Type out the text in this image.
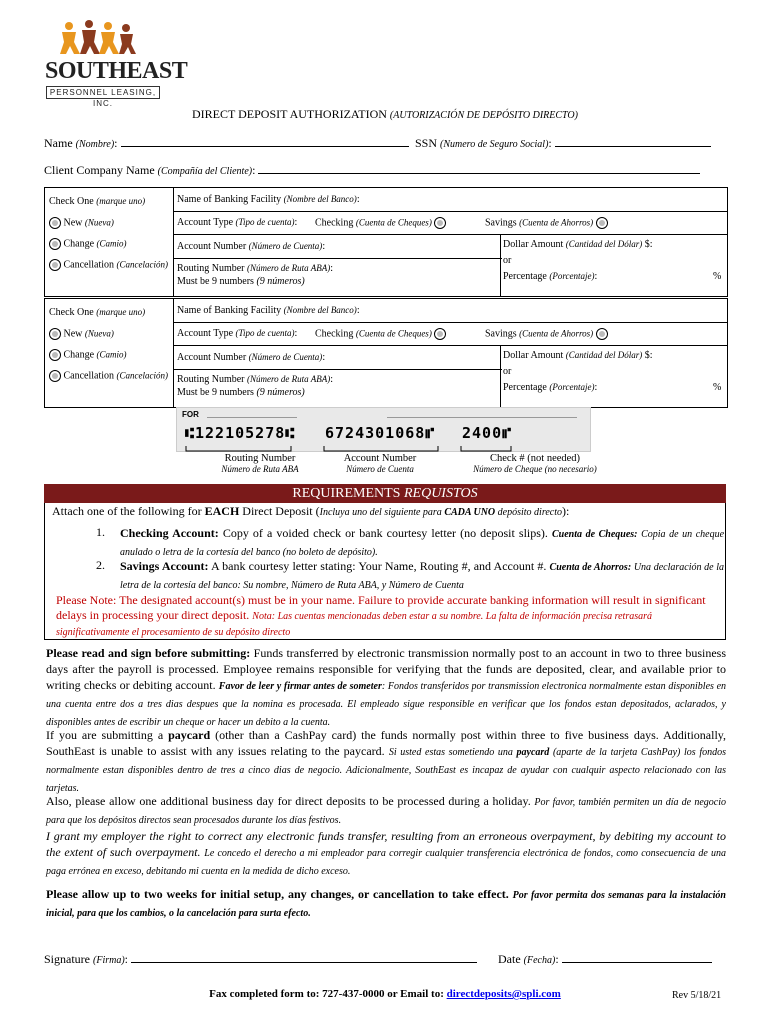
SOUTHEAST
PERSONNEL LEASING, INC.
DIRECT DEPOSIT AUTHORIZATION (AUTORIZACIÓN DE DEPÓSITO DIRECTO)
Name (Nombre):	SSN (Numero de Seguro Social):
Client Company Name (Compañía del Cliente):
Check One (marque uno)
New (Nueva)
Change (Camio)
Cancellation (Cancelación)
Name of Banking Facility (Nombre del Banco):
Account Type (Tipo de cuenta): Checking (Cuenta de Cheques)	Savings (Cuenta de Ahorros)
Account Number (Número de Cuenta):
Routing Number (Número de Ruta ABA):
Must be 9 numbers (9 números)
Dollar Amount (Cantidad del Dólar) $:
or
Percentage (Porcentaje):	%
Check One (marque uno)
New (Nueva)
Change (Camio)
Cancellation (Cancelación)
Name of Banking Facility (Nombre del Banco):
Account Type (Tipo de cuenta): Checking (Cuenta de Cheques)	Savings (Cuenta de Ahorros)
Account Number (Número de Cuenta):
Routing Number (Número de Ruta ABA):
Must be 9 numbers (9 números)
Dollar Amount (Cantidad del Dólar) $:
or
Percentage (Porcentaje):	%
FOR
⑆122105278⑆ 6724301068⑈ 2400⑈
Routing Number
Número de Ruta ABA
Account Number
Número de Cuenta
Check # (not needed)
Número de Cheque (no necesario)
REQUIREMENTS REQUISTOS
Attach one of the following for EACH Direct Deposit (Incluya uno del siguiente para CADA UNO depósito directo):
1. Checking Account: Copy of a voided check or bank courtesy letter (no deposit slips). Cuenta de Cheques: Copia de un cheque anulado o letra de la cortesía del banco (no boleto de depósito).
2. Savings Account: A bank courtesy letter stating: Your Name, Routing #, and Account #. Cuenta de Ahorros: Una declaración de la letra de la cortesía del banco: Su nombre, Número de Ruta ABA, y Número de Cuenta
Please Note: The designated account(s) must be in your name. Failure to provide accurate banking information will result in significant delays in processing your direct deposit. Nota: Las cuentas mencionadas deben estar a su nombre. La falta de información precisa retrasará significativamente el procesamiento de su depósito directo
Please read and sign before submitting: Funds transferred by electronic transmission normally post to an account in two to three business days after the payroll is processed. Employee remains responsible for verifying that the funds are deposited, clear, and available prior to writing checks or debiting account. Favor de leer y firmar antes de someter: Fondos transferidos por transmission electronica normalmente estan disponibles en una cuenta entre dos a tres dias despues que la nomina es procesada. El empleado sigue responsible en verificar que los fondos estan depositados, aclarados, y disponibles antes de escribir un cheque or hacer un debito a la cuenta.
If you are submitting a paycard (other than a CashPay card) the funds normally post within three to five business days. Additionally, SouthEast is unable to assist with any issues relating to the paycard. Si usted estas sometiendo una paycard (aparte de la tarjeta CashPay) los fondos normalmente estan disponibles dentro de tres a cinco dias de negocio. Adicionalmente, SouthEast es incapaz de ayudar con cualquir aspecto relacionado con las tarjetas.
Also, please allow one additional business day for direct deposits to be processed during a holiday. Por favor, también permiten un día de negocio para que los depósitos directos sean procesados durante los días festivos.
I grant my employer the right to correct any electronic funds transfer, resulting from an erroneous overpayment, by debiting my account to the extent of such overpayment. Le concedo el derecho a mi empleador para corregir cualquier transferencia electrónica de fondos, como consecuencia de una paga errónea en exceso, debitando mi cuenta en la medida de dicho exceso.
Please allow up to two weeks for initial setup, any changes, or cancellation to take effect. Por favor permita dos semanas para la instalación inicial, para que los cambios, o la cancelación para surta efecto.
Signature (Firma):	Date (Fecha):
Fax completed form to: 727-437-0000 or Email to: directdeposits@spli.com	Rev 5/18/21
